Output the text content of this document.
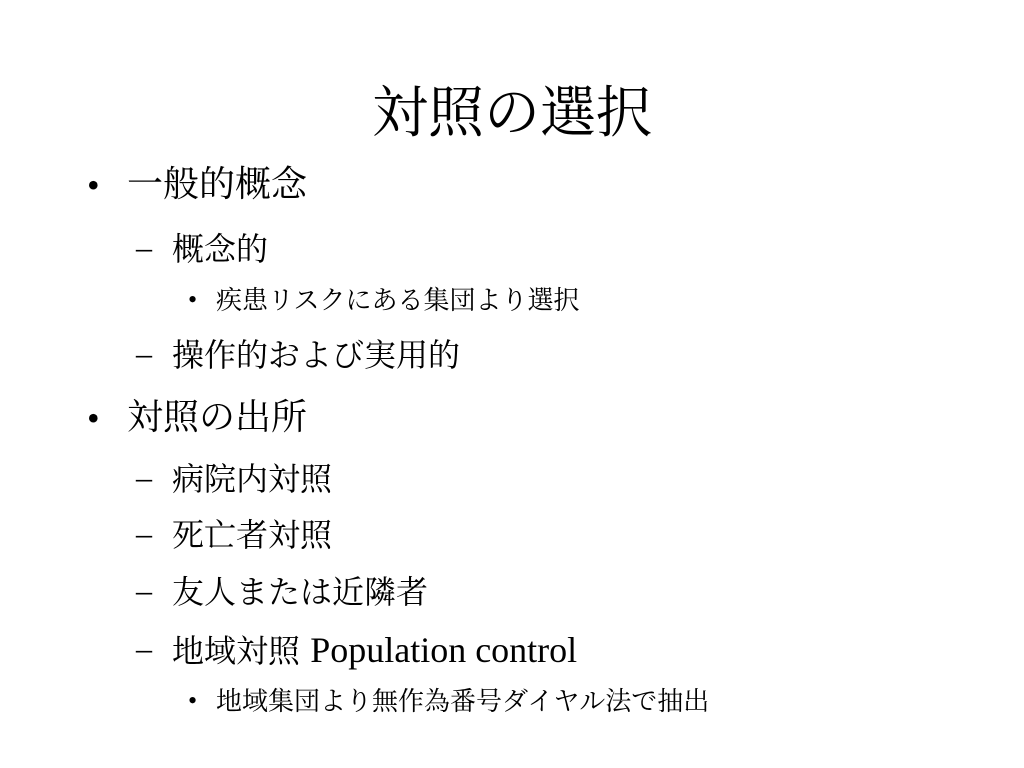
対照の選択
• 一般的概念
– 概念的
• 疾患リスクにある集団より選択
– 操作的および実用的
• 対照の出所
– 病院内対照
– 死亡者対照
– 友人または近隣者
– 地域対照 Population control
• 地域集団より無作為番号ダイヤル法で抽出
